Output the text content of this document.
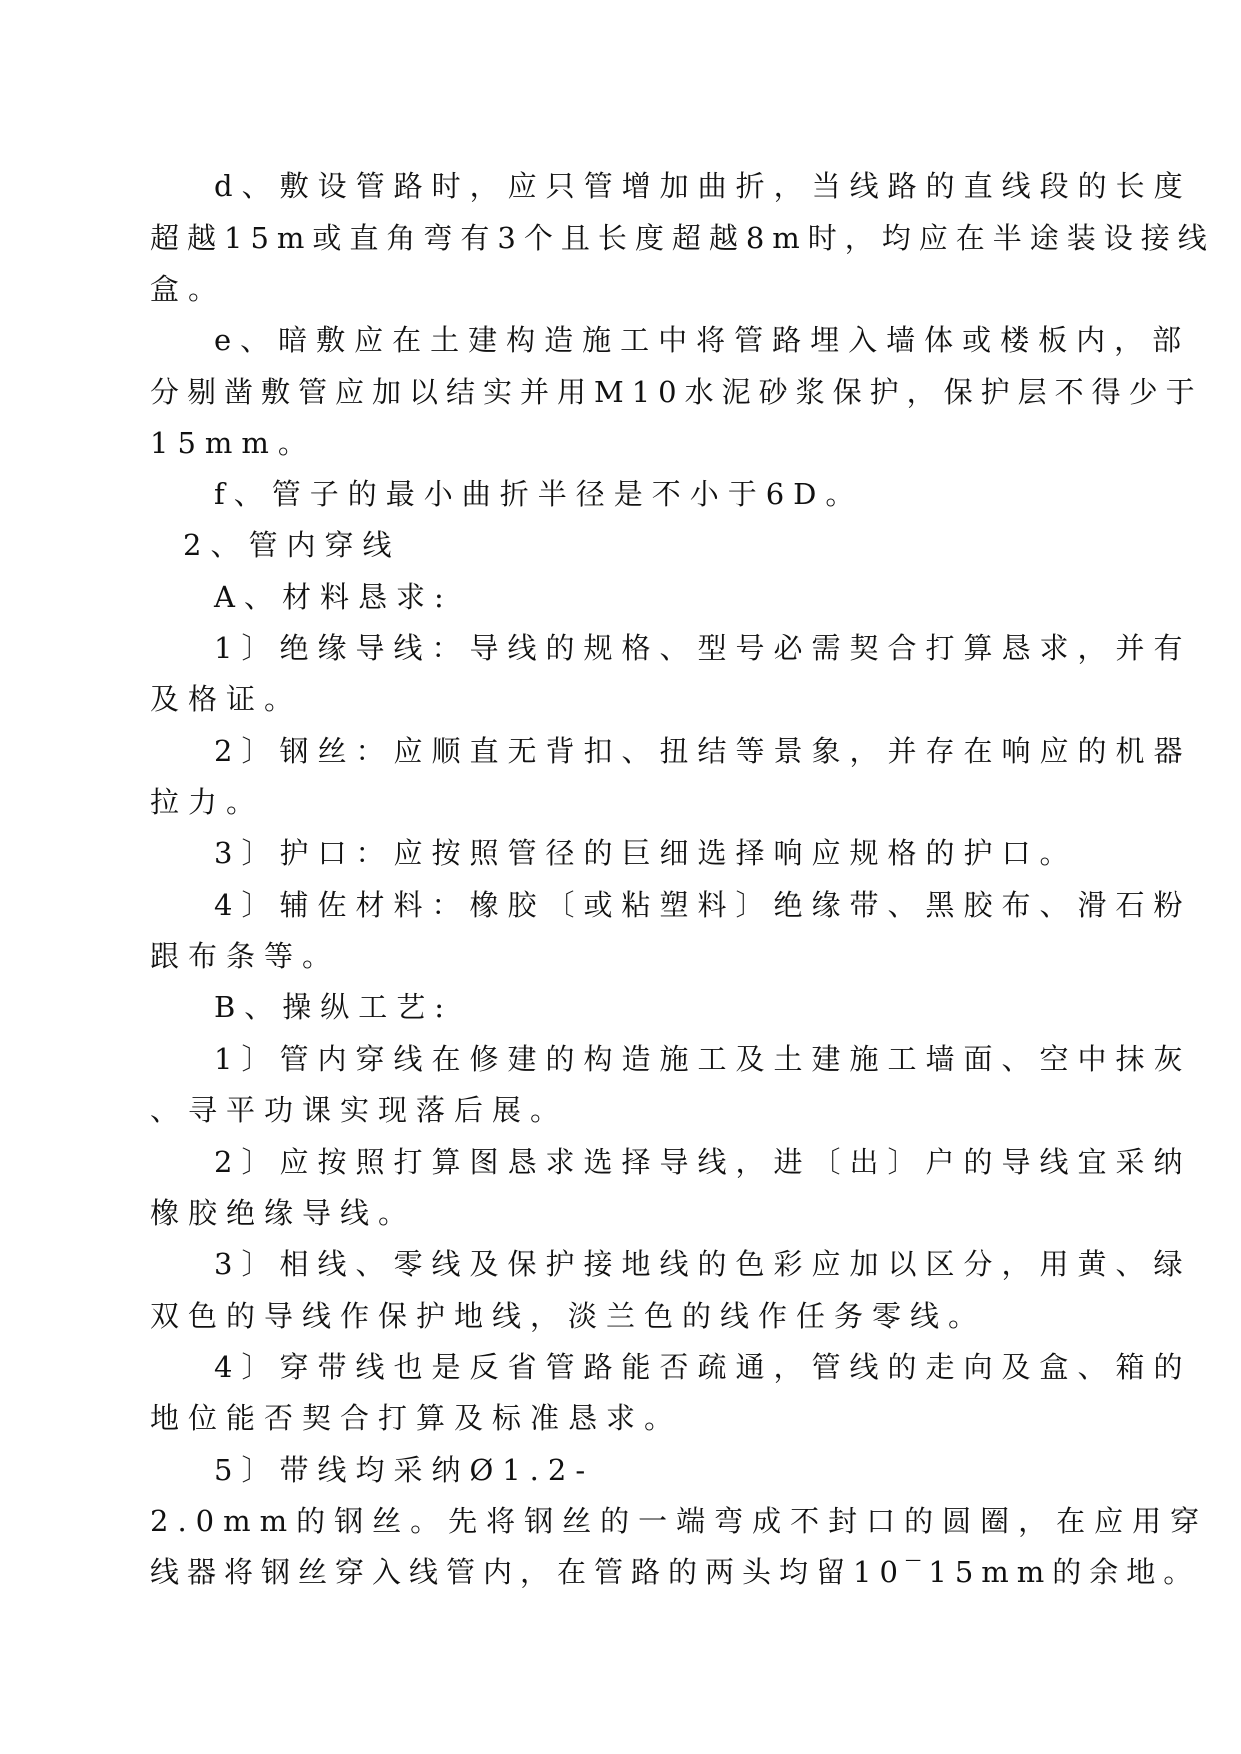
d、敷设管路时，应只管增加曲折，当线路的直线段的长度
超越15m或直角弯有3个且长度超越8m时，均应在半途装设接线
盒。
e、暗敷应在土建构造施工中将管路埋入墙体或楼板内，部
分剔凿敷管应加以结实并用M10水泥砂浆保护，保护层不得少于
15mm。
f、管子的最小曲折半径是不小于6D。
2、管内穿线
A、材料恳求:
1〕绝缘导线：导线的规格、型号必需契合打算恳求，并有
及格证。
2〕钢丝：应顺直无背扣、扭结等景象，并存在响应的机器
拉力。
3〕护口：应按照管径的巨细选择响应规格的护口。
4〕辅佐材料：橡胶〔或粘塑料〕绝缘带、黑胶布、滑石粉
跟布条等。
B、操纵工艺:
1〕管内穿线在修建的构造施工及土建施工墙面、空中抹灰
、寻平功课实现落后展。
2〕应按照打算图恳求选择导线，进〔出〕户的导线宜采纳
橡胶绝缘导线。
3〕相线、零线及保护接地线的色彩应加以区分，用黄、绿
双色的导线作保护地线，淡兰色的线作任务零线。
4〕穿带线也是反省管路能否疏通，管线的走向及盒、箱的
地位能否契合打算及标准恳求。
5〕带线均采纳Ø1.2-
2.0mm的钢丝。先将钢丝的一端弯成不封口的圆圈，在应用穿
线器将钢丝穿入线管内，在管路的两头均留10‾15mm的余地。
